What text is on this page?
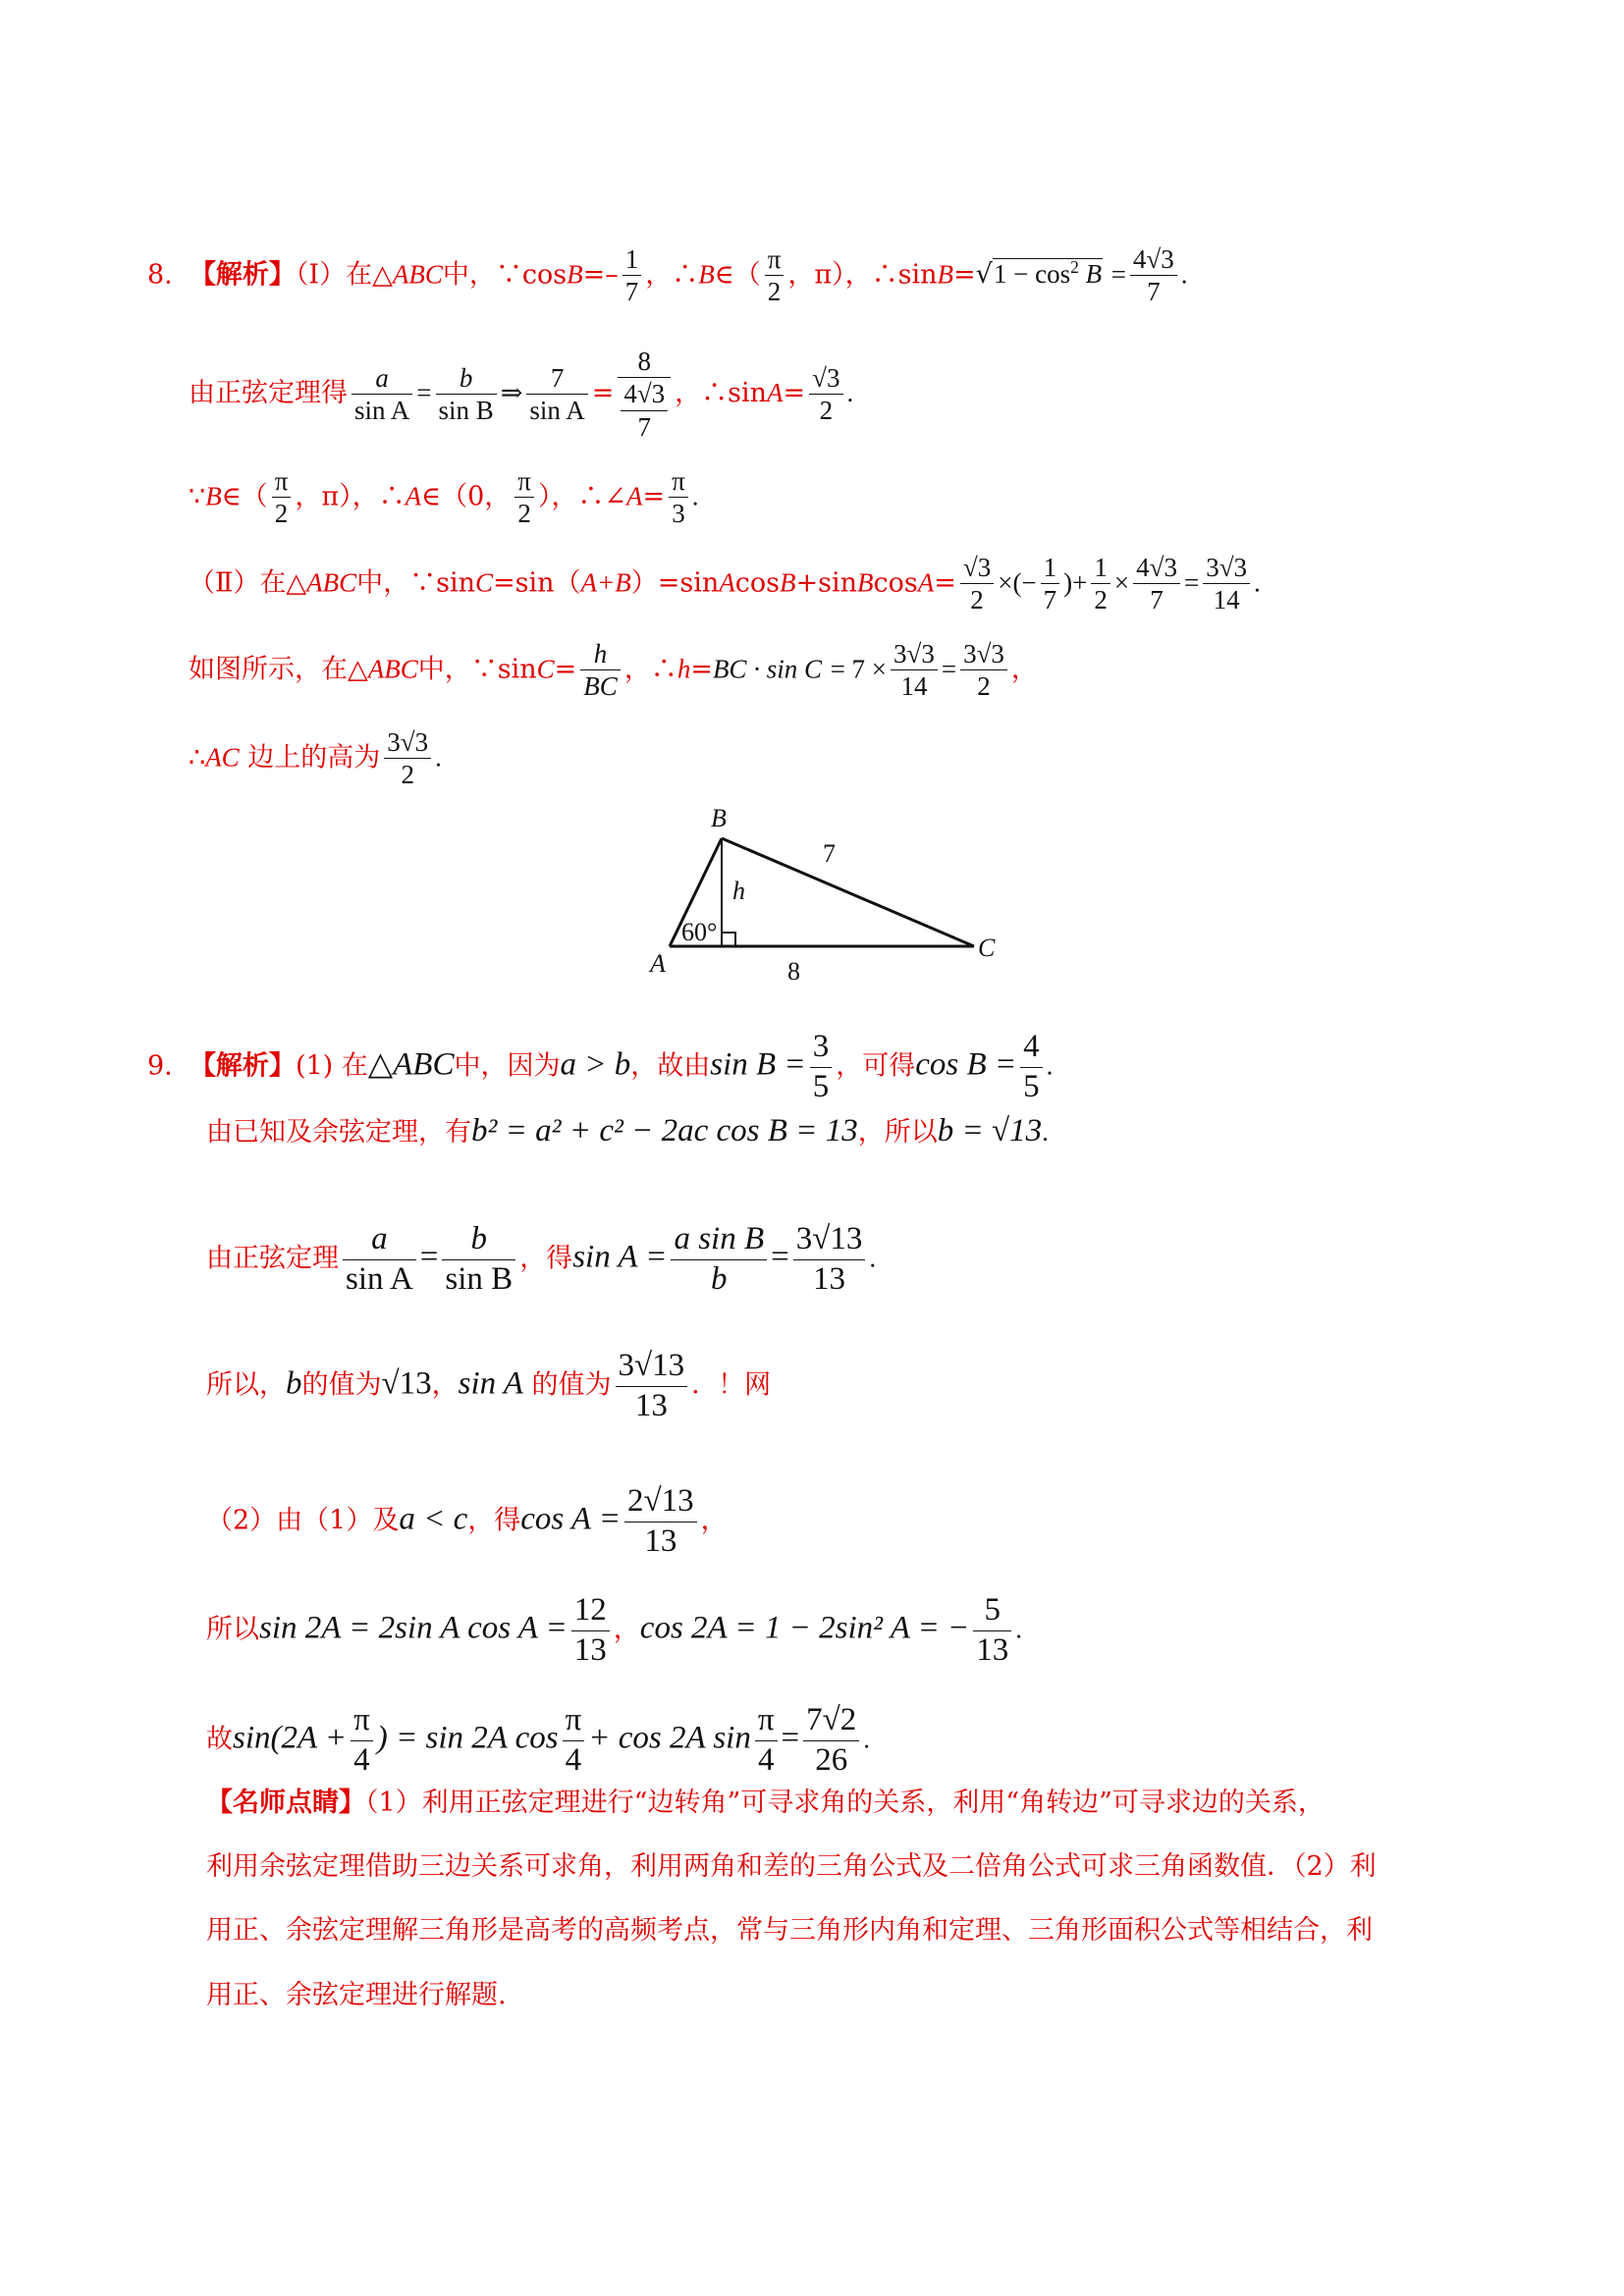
8. 【解析】（Ⅰ）在△ABC中，∵cosB=– $\frac{1}{7}$ ，∴B∈（ $\frac{\pi}{2}$ ，π），∴sinB=√1 − $\cos^2 B = \frac{4√3}{7}$ .
由正弦定理得 $\frac{a}{\text{sin A}} = \frac{b}{\text{sin B}}$ ⇒ $\frac{7}{\text{sin A}} = \frac{8}{\frac{4√3}{7}}$ ，∴sinA= $\frac{√3}{2}$ .
∵B∈（ $\frac{\pi}{2}$ ，π），∴A∈（0， $\frac{\pi}{2}$ ），∴∠A= $\frac{\pi}{3}$ .
（Ⅱ）在△ABC中，∵sinC=sin（A+B）=sinAcosB+sinBcosA= $\frac{√3}{2}$ ×(− $\frac{1}{7}$ )+ $\frac{1}{2} \times \frac{4√3}{7} = \frac{3√3}{14}$ .
如图所示，在△ABC中，∵sinC= $\frac{h}{BC}$ ，∴h=BC · $\sin C = 7 \times \frac{3√3}{14} = \frac{3√3}{2}$ ，
∴AC 边上的高为 $\frac{3√3}{2}$ .
B
A
C
h
7
8
60°
9. 【解析】(1) 在△ABC中，因为a > b，故由$\sin B = \frac{3}{5}$ ，可得$\cos B = \frac{4}{5}$ .
由已知及余弦定理，有b² = a² + c² − 2ac cos B = 13，所以b = √13.
由正弦定理 $\frac{a}{\text{sin A}} = \frac{b}{\text{sin B}}$ ，得$\sin A = \frac{\text{a sin B}}{b} = \frac{3√13}{13}$ .
所以，b的值为√13，sin A 的值为 $\frac{3√13}{13}$ ．！网
（2）由（1）及a < c，得$\cos A = \frac{2√13}{13}$ ，
所以sin 2A = 2sin A $\cos A = \frac{12}{13}$ ，cos 2A = 1 − 2sin² A = − $\frac{5}{13}$ .
故$\sin(2A + \frac{\pi}{4}$ ) = sin 2A $\cos \frac{\pi}{4} + \cos 2A$ $\sin \frac{\pi}{4} = \frac{7√2}{26}$ .
【名师点睛】（1）利用正弦定理进行“边转角”可寻求角的关系，利用“角转边”可寻求边的关系，
利用余弦定理借助三边关系可求角，利用两角和差的三角公式及二倍角公式可求三角函数值．（2）利
用正、余弦定理解三角形是高考的高频考点，常与三角形内角和定理、三角形面积公式等相结合，利
用正、余弦定理进行解题.
